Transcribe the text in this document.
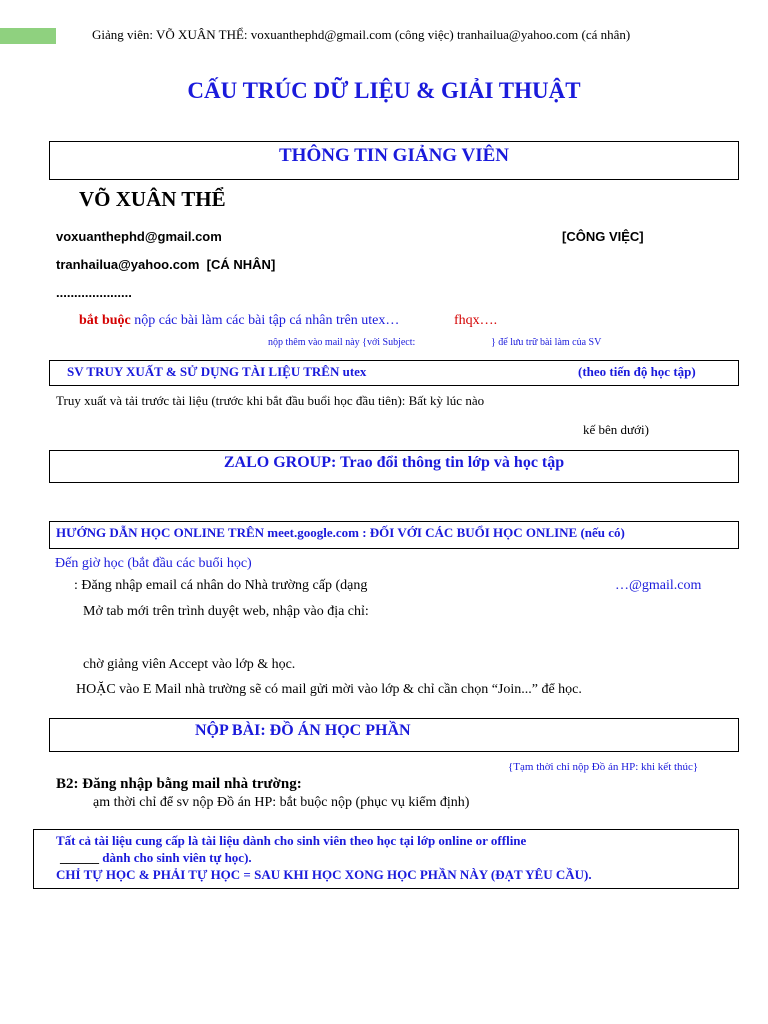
Giảng viên: VÕ XUÂN THỂ: voxuanthephd@gmail.com (công việc) tranhailua@yahoo.com (cá nhân)
CẤU TRÚC DỮ LIỆU & GIẢI THUẬT
THÔNG TIN GIẢNG VIÊN
VÕ XUÂN THỂ
voxuanthephd@gmail.com	[CÔNG VIỆC]
tranhailua@yahoo.com [CÁ NHÂN]
.....................
bắt buộc nộp các bài làm các bài tập cá nhân trên utex…	fhqx….
nộp thêm vào mail này {với Subject:	} để lưu trữ bài làm của SV
SV TRUY XUẤT & SỬ DỤNG TÀI LIỆU TRÊN utex	(theo tiến độ học tập)
Truy xuất và tải trước tài liệu (trước khi bắt đầu buổi học đầu tiên): Bất kỳ lúc nào
kế bên dưới)
ZALO GROUP: Trao đổi thông tin lớp và học tập
HƯỚNG DẪN HỌC ONLINE TRÊN meet.google.com : ĐỐI VỚI CÁC BUỔI HỌC ONLINE (nếu có)
Đến giờ học (bắt đầu các buổi học)
: Đăng nhập email cá nhân do Nhà trường cấp (dạng	…@gmail.com
Mở tab mới trên trình duyệt web, nhập vào địa chỉ:
chờ giảng viên Accept vào lớp & học.
HOẶC vào E Mail nhà trường sẽ có mail gửi mời vào lớp & chỉ cần chọn “Join...” để học.
NỘP BÀI: ĐỒ ÁN HỌC PHẦN
{Tạm thời chỉ nộp Đồ án HP: khi kết thúc}
B2: Đăng nhập bằng mail nhà trường:
ạm thời chỉ để sv nộp Đồ án HP: bắt buộc nộp (phục vụ kiểm định)
Tất cả tài liệu cung cấp là tài liệu dành cho sinh viên theo học tại lớp online or offline
______ dành cho sinh viên tự học).
CHỈ TỰ HỌC & PHẢI TỰ HỌC = SAU KHI HỌC XONG HỌC PHẦN NÀY (ĐẠT YÊU CẦU).
